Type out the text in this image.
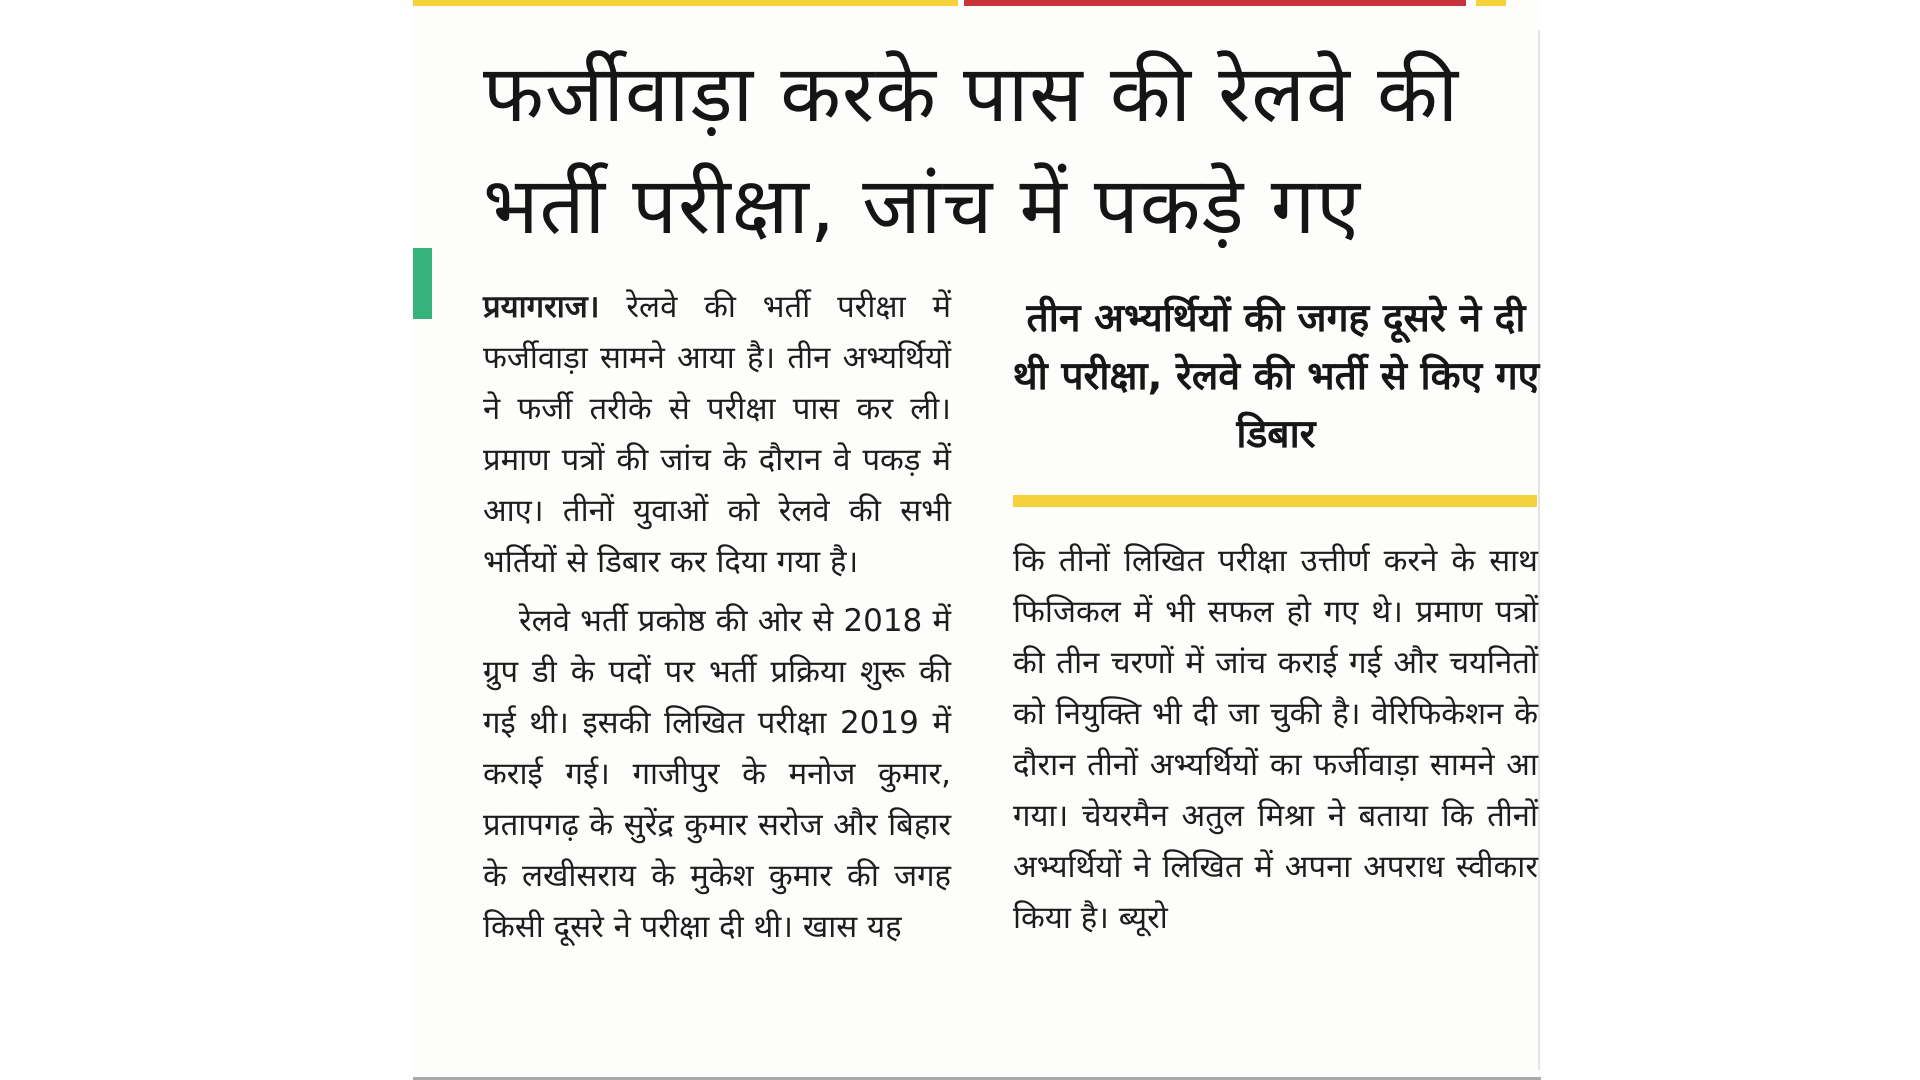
फर्जीवाड़ा करके पास की रेलवे की भर्ती परीक्षा, जांच में पकड़े गए

प्रयागराज। रेलवे की भर्ती परीक्षा में फर्जीवाड़ा सामने आया है। तीन अभ्यर्थियों ने फर्जी तरीके से परीक्षा पास कर ली। प्रमाण पत्रों की जांच के दौरान वे पकड़ में आए। तीनों युवाओं को रेलवे की सभी भर्तियों से डिबार कर दिया गया है।

रेलवे भर्ती प्रकोष्ठ की ओर से 2018 में ग्रुप डी के पदों पर भर्ती प्रक्रिया शुरू की गई थी। इसकी लिखित परीक्षा 2019 में कराई गई। गाजीपुर के मनोज कुमार, प्रतापगढ़ के सुरेंद्र कुमार सरोज और बिहार के लखीसराय के मुकेश कुमार की जगह किसी दूसरे ने परीक्षा दी थी। खास यह

तीन अभ्यर्थियों की जगह दूसरे ने दी थी परीक्षा, रेलवे की भर्ती से किए गए डिबार

कि तीनों लिखित परीक्षा उत्तीर्ण करने के साथ फिजिकल में भी सफल हो गए थे। प्रमाण पत्रों की तीन चरणों में जांच कराई गई और चयनितों को नियुक्ति भी दी जा चुकी है। वेरिफिकेशन के दौरान तीनों अभ्यर्थियों का फर्जीवाड़ा सामने आ गया। चेयरमैन अतुल मिश्रा ने बताया कि तीनों अभ्यर्थियों ने लिखित में अपना अपराध स्वीकार किया है। ब्यूरो
